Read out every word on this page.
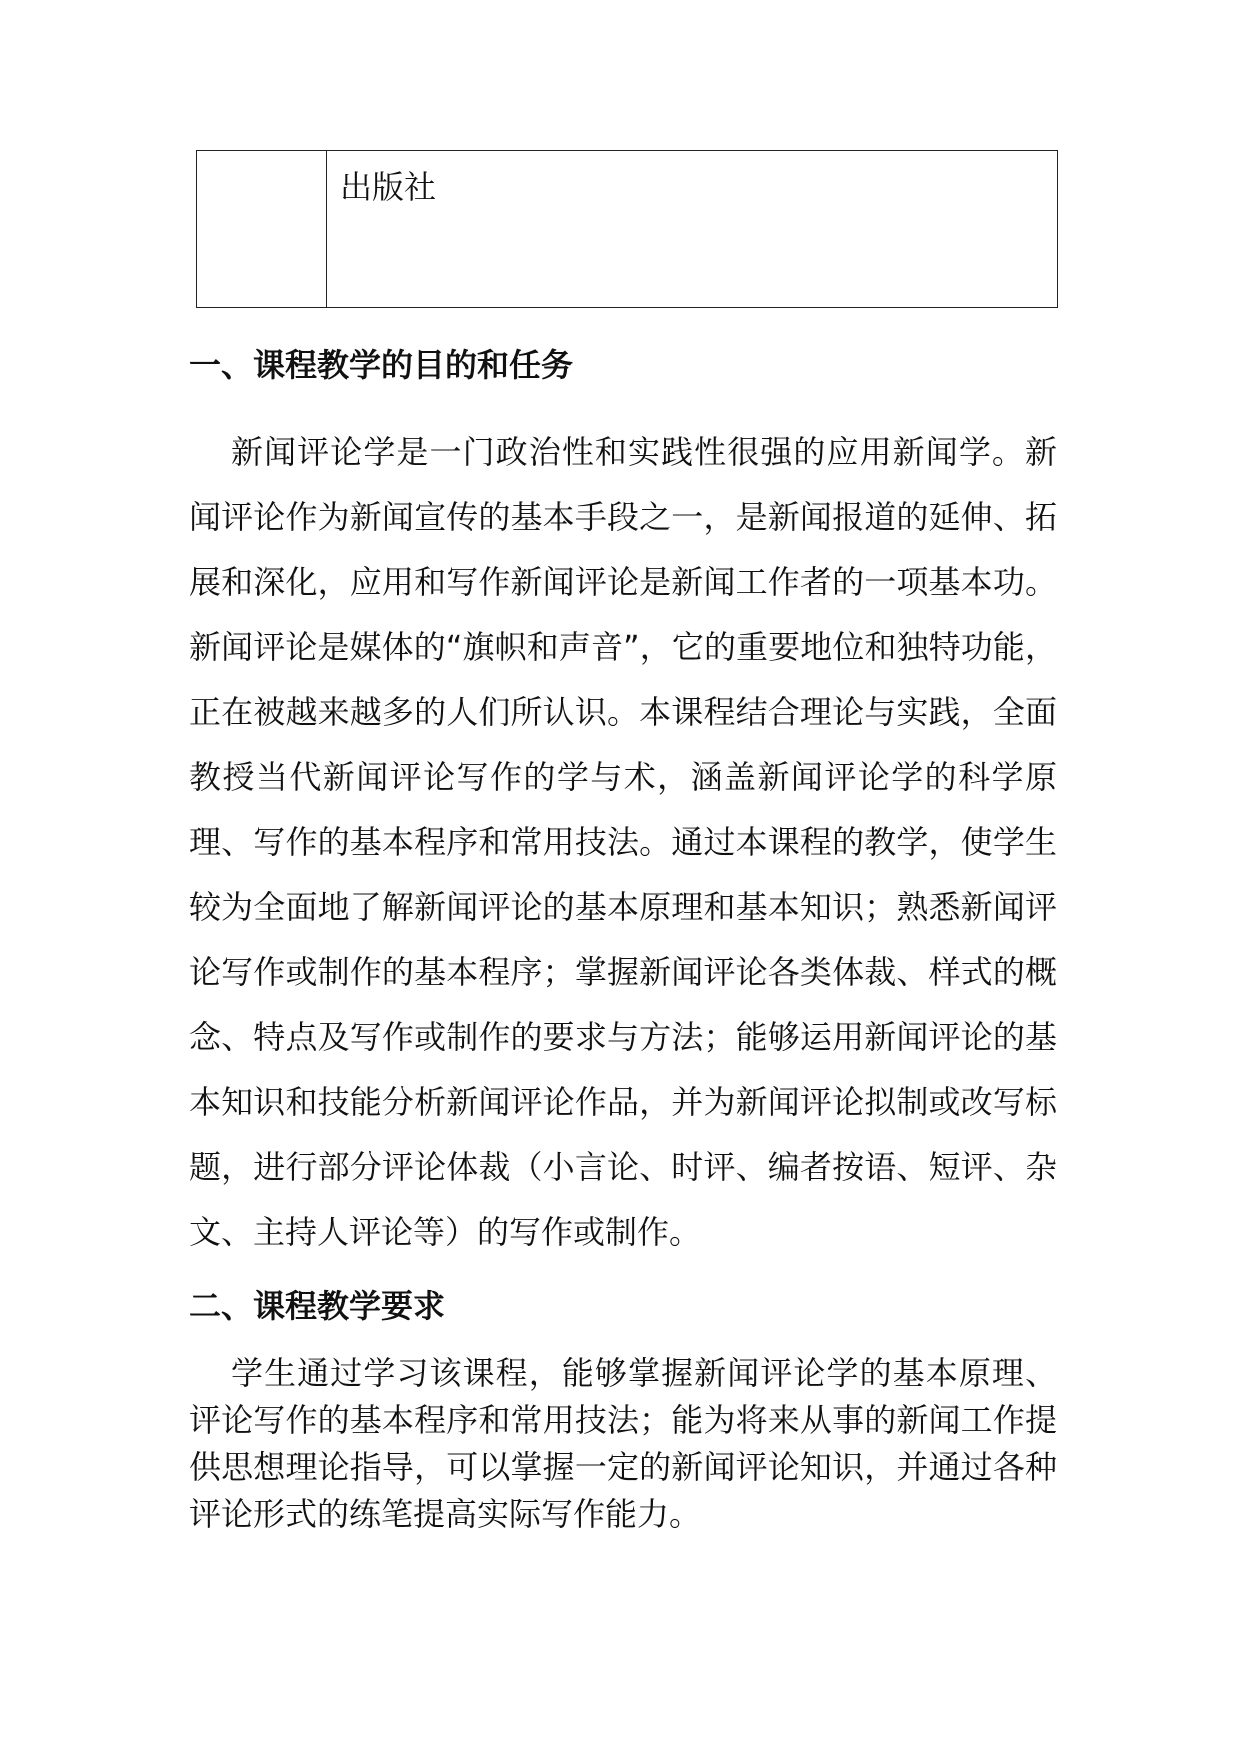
出版社
一、课程教学的目的和任务

新闻评论学是一门政治性和实践性很强的应用新闻学。新闻评论作为新闻宣传的基本手段之一，是新闻报道的延伸、拓展和深化，应用和写作新闻评论是新闻工作者的一项基本功。新闻评论是媒体的“旗帜和声音”，它的重要地位和独特功能，正在被越来越多的人们所认识。本课程结合理论与实践，全面教授当代新闻评论写作的学与术，涵盖新闻评论学的科学原理、写作的基本程序和常用技法。通过本课程的教学，使学生较为全面地了解新闻评论的基本原理和基本知识；熟悉新闻评论写作或制作的基本程序；掌握新闻评论各类体裁、样式的概念、特点及写作或制作的要求与方法；能够运用新闻评论的基本知识和技能分析新闻评论作品，并为新闻评论拟制或改写标题，进行部分评论体裁（小言论、时评、编者按语、短评、杂文、主持人评论等）的写作或制作。

二、课程教学要求

学生通过学习该课程，能够掌握新闻评论学的基本原理、评论写作的基本程序和常用技法；能为将来从事的新闻工作提供思想理论指导，可以掌握一定的新闻评论知识，并通过各种评论形式的练笔提高实际写作能力。
